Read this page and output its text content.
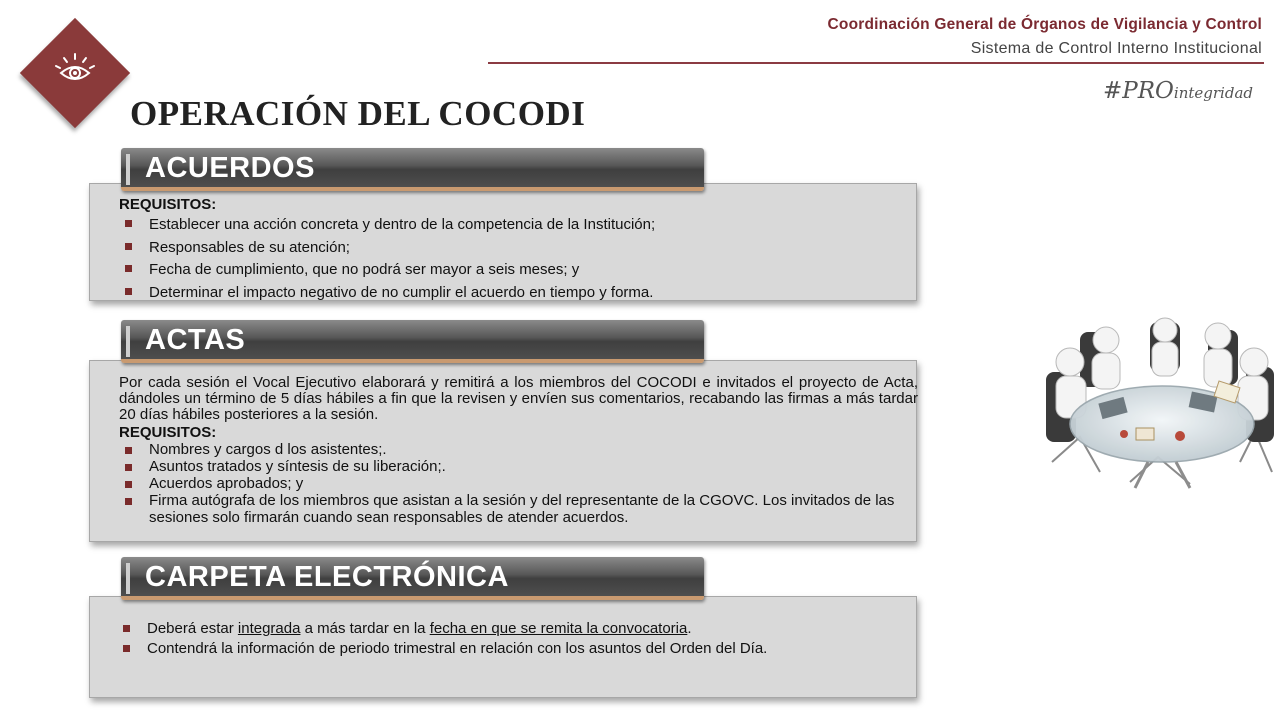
Coordinación General de Órganos de Vigilancia y Control
Sistema de Control Interno Institucional
#PROintegridad
OPERACIÓN DEL COCODI
ACUERDOS
REQUISITOS:
Establecer una acción concreta y dentro de la competencia de la Institución;
Responsables de su atención;
Fecha de cumplimiento, que no podrá ser mayor a seis meses; y
Determinar el impacto negativo de no cumplir el acuerdo en tiempo y forma.
ACTAS

Por cada sesión el Vocal Ejecutivo elaborará y remitirá a los miembros del COCODI e invitados el proyecto de Acta, dándoles un término de 5 días hábiles a fin que la revisen y envíen sus comentarios, recabando las firmas a más tardar 20 días hábiles posteriores a la sesión.

REQUISITOS:
Nombres y cargos d los asistentes;.
Asuntos tratados y síntesis de su liberación;.
Acuerdos aprobados; y
Firma autógrafa de los miembros que asistan a la sesión y del representante de la CGOVC. Los invitados de las sesiones solo firmarán cuando sean responsables de atender acuerdos.
CARPETA ELECTRÓNICA
Deberá estar integrada a más tardar en la fecha en que se remita la convocatoria.
Contendrá la información de periodo trimestral en relación con los asuntos del Orden del Día.
